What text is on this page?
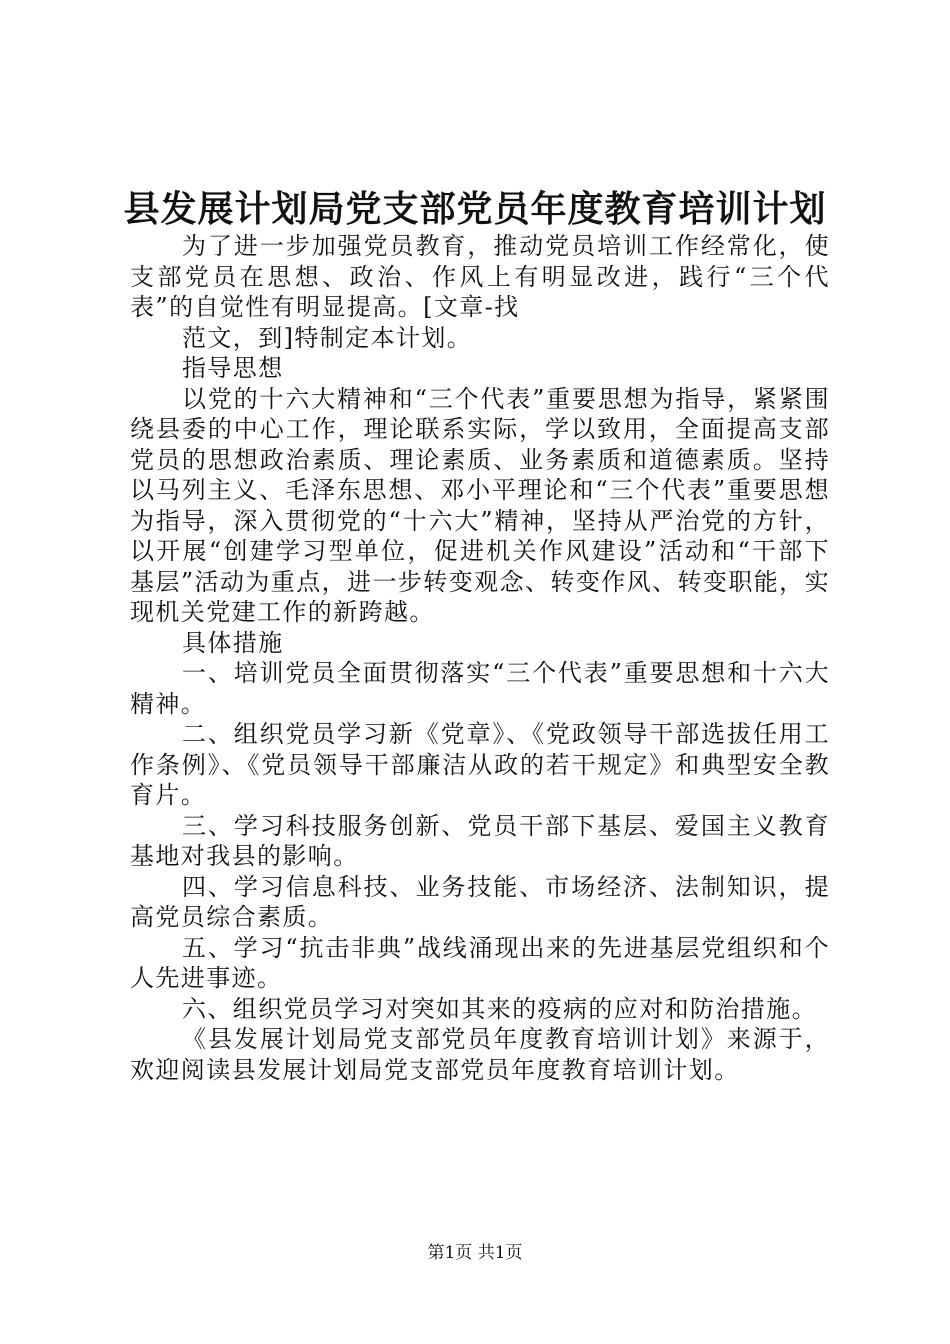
县发展计划局党支部党员年度教育培训计划

为了进一步加强党员教育，推动党员培训工作经常化，使支部党员在思想、政治、作风上有明显改进，践行“三个代表”的自觉性有明显提高。[文章-找

范文，到]特制定本计划。

指导思想

以党的十六大精神和“三个代表”重要思想为指导，紧紧围绕县委的中心工作，理论联系实际，学以致用，全面提高支部党员的思想政治素质、理论素质、业务素质和道德素质。坚持以马列主义、毛泽东思想、邓小平理论和“三个代表”重要思想为指导，深入贯彻党的“十六大”精神，坚持从严治党的方针，以开展“创建学习型单位，促进机关作风建设”活动和“干部下基层”活动为重点，进一步转变观念、转变作风、转变职能，实现机关党建工作的新跨越。

具体措施

一、培训党员全面贯彻落实“三个代表”重要思想和十六大精神。

二、组织党员学习新《党章》、《党政领导干部选拔任用工作条例》、《党员领导干部廉洁从政的若干规定》和典型安全教育片。

三、学习科技服务创新、党员干部下基层、爱国主义教育基地对我县的影响。

四、学习信息科技、业务技能、市场经济、法制知识，提高党员综合素质。

五、学习“抗击非典”战线涌现出来的先进基层党组织和个人先进事迹。

六、组织党员学习对突如其来的疫病的应对和防治措施。

《县发展计划局党支部党员年度教育培训计划》来源于，欢迎阅读县发展计划局党支部党员年度教育培训计划。

第1页 共1页
